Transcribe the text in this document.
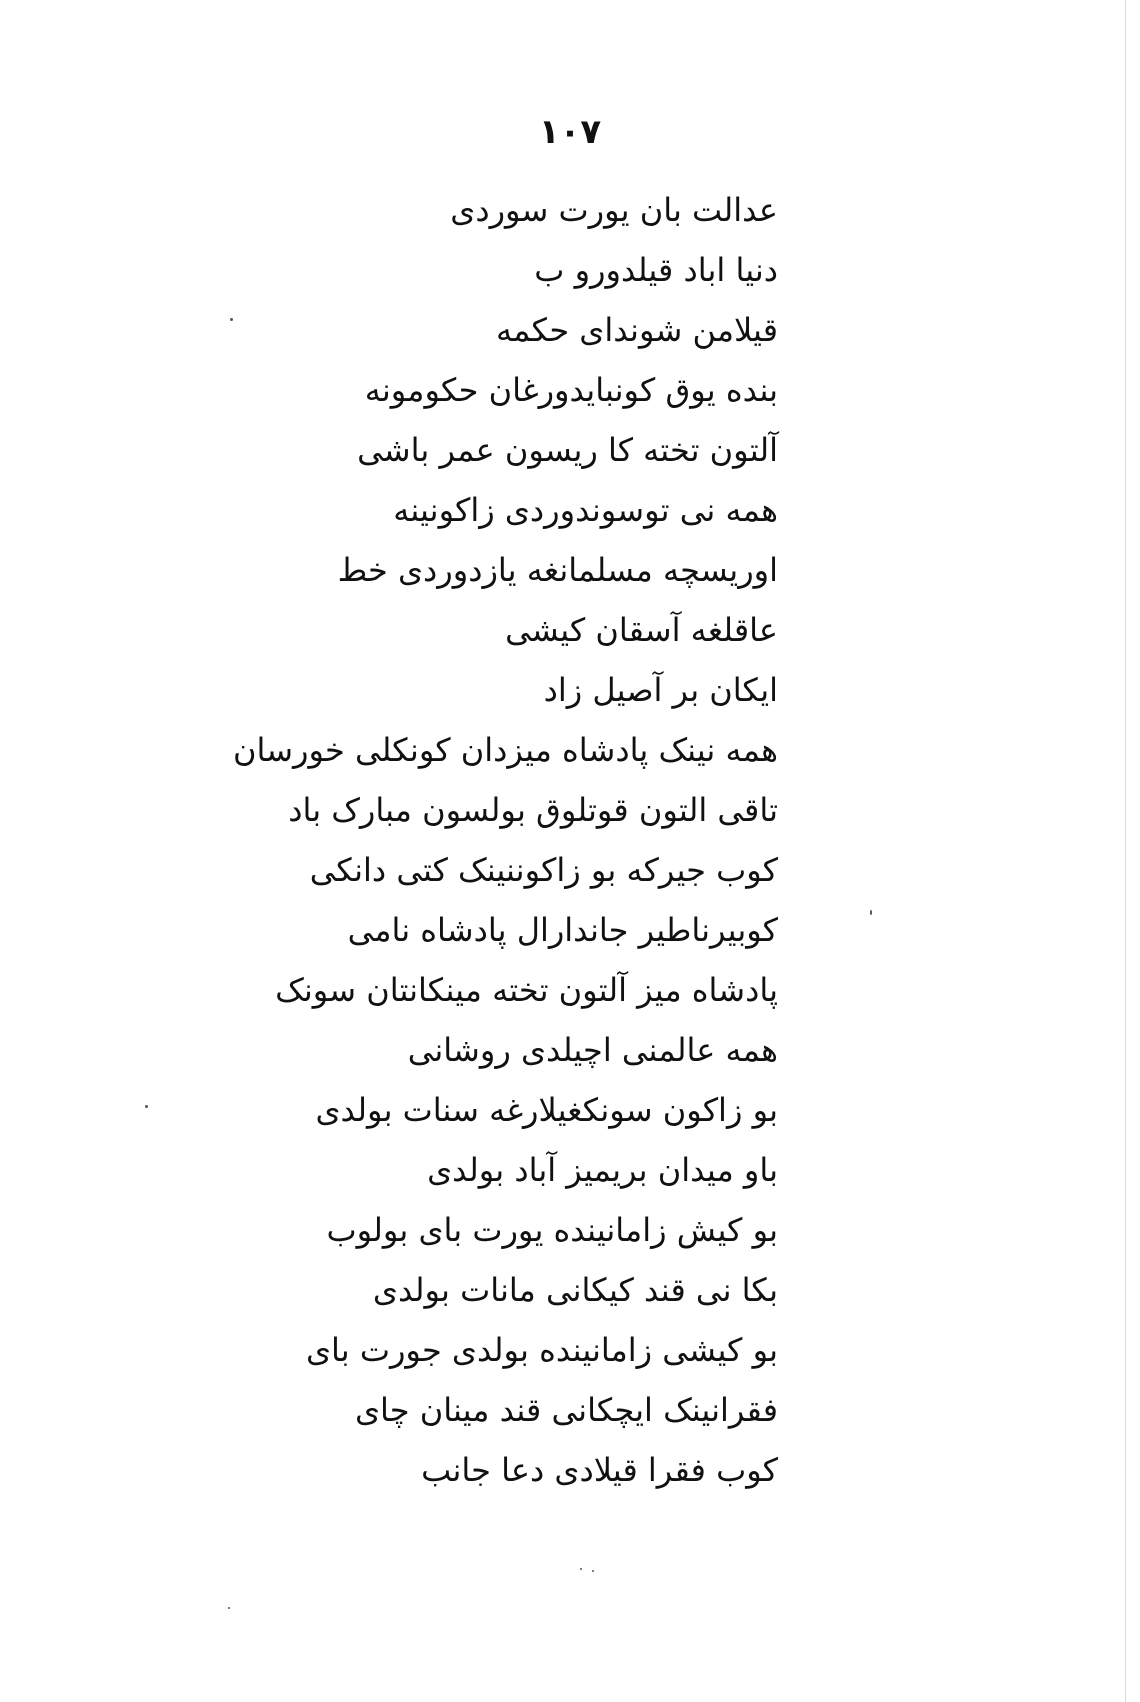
۱۰۷
عدالت بان یورت سوردی
دنیا اباد قیلدورو ب
قیلامن شونداى حکمه
بنده یوق کونبایدورغان حکومونه
آلتون تخته کا ریسون عمر باشی
همه نی توسوندوردی زاکونینه
اوریسچه مسلمانغه یازدوردی خط
عاقلغه آسقان کیشی
ایکان بر آصیل زاد
همه نینک پادشاه میزدان کونکلی خورسان
تاقی التون قوتلوق بولسون مبارک باد
کوب جیرکه بو زاکوننینک کتی دانکی
کوبیرناطیر جاندارال پادشاه نامی
پادشاه میز آلتون تخته مینکانتان سونک
همه عالمنی اچیلدی روشانی
بو زاکون سونکغیلارغه سنات بولدی
باو میدان بریمیز آباد بولدی
بو کیش زامانینده یورت بای بولوب
بکا نی قند کیکانی مانات بولدی
بو کیشی زامانینده بولدی جورت بای
فقرانینک ایچکانی قند مینان چای
کوب فقرا قیلادی دعا جانب
